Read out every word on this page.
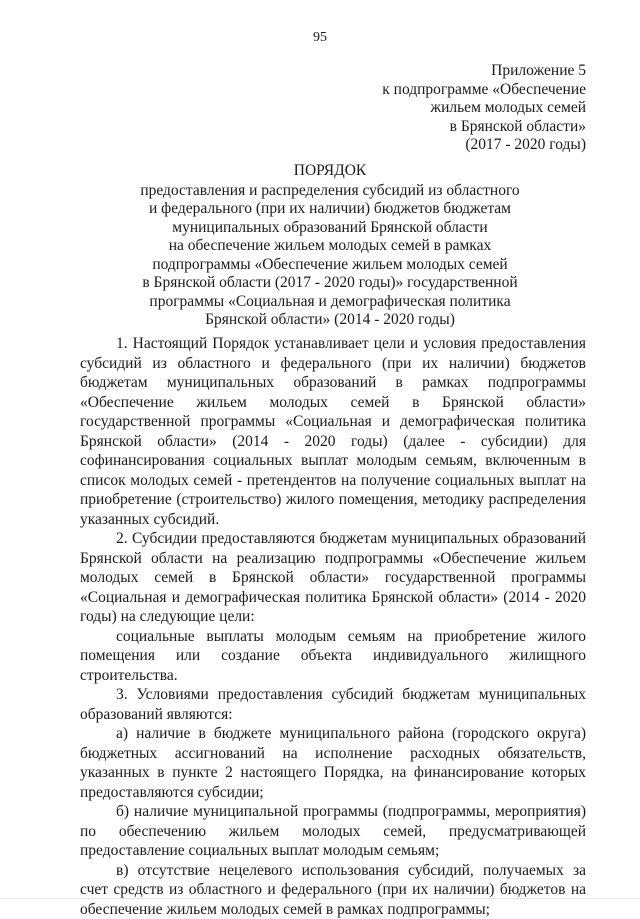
95
Приложение 5
к подпрограмме «Обеспечение
жильем молодых семей
в Брянской области»
(2017 - 2020 годы)
ПОРЯДОК
предоставления и распределения субсидий из областного
и федерального (при их наличии) бюджетов бюджетам
муниципальных образований Брянской области
на обеспечение жильем молодых семей в рамках
подпрограммы «Обеспечение жильем молодых семей
в Брянской области (2017 - 2020 годы)» государственной
программы «Социальная и демографическая политика
Брянской области» (2014 - 2020 годы)

1. Настоящий Порядок устанавливает цели и условия предоставления субсидий из областного и федерального (при их наличии) бюджетов бюджетам муниципальных образований в рамках подпрограммы «Обеспечение жильем молодых семей в Брянской области» государственной программы «Социальная и демографическая политика Брянской области» (2014 - 2020 годы) (далее - субсидии) для софинансирования социальных выплат молодым семьям, включенным в список молодых семей - претендентов на получение социальных выплат на приобретение (строительство) жилого помещения, методику распределения указанных субсидий.

2. Субсидии предоставляются бюджетам муниципальных образований Брянской области на реализацию подпрограммы «Обеспечение жильем молодых семей в Брянской области» государственной программы «Социальная и демографическая политика Брянской области» (2014 - 2020 годы) на следующие цели:

социальные выплаты молодым семьям на приобретение жилого помещения или создание объекта индивидуального жилищного строительства.

3. Условиями предоставления субсидий бюджетам муниципальных образований являются:

а) наличие в бюджете муниципального района (городского округа) бюджетных ассигнований на исполнение расходных обязательств, указанных в пункте 2 настоящего Порядка, на финансирование которых предоставляются субсидии;

б) наличие муниципальной программы (подпрограммы, мероприятия) по обеспечению жильем молодых семей, предусматривающей предоставление социальных выплат молодым семьям;

в) отсутствие нецелевого использования субсидий, получаемых за счет средств из областного и федерального (при их наличии) бюджетов на обеспечение жильем молодых семей в рамках подпрограммы;
